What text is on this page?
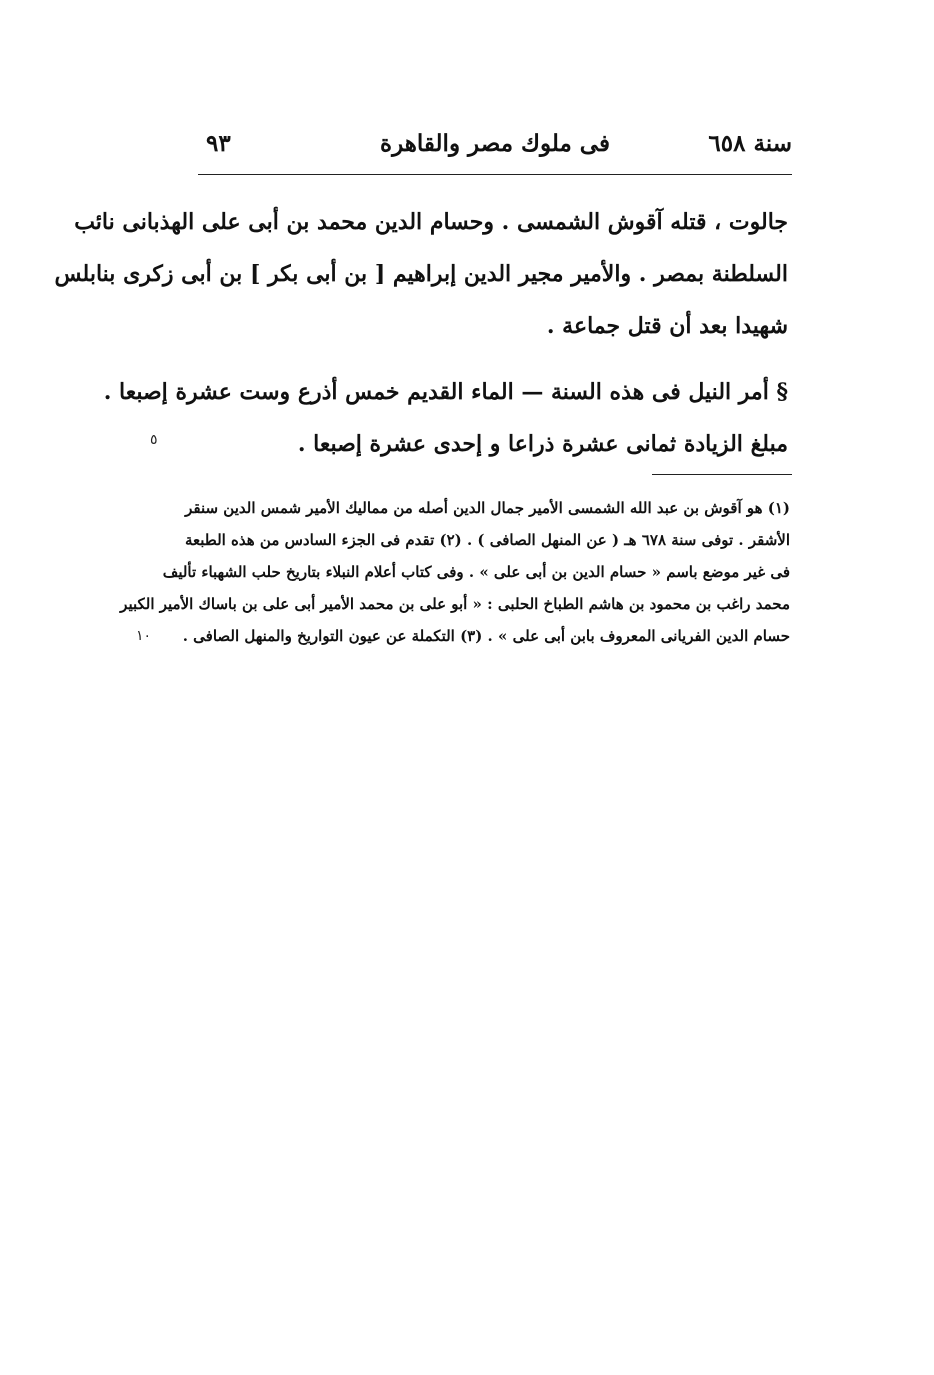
سنة ٦٥٨
فى ملوك مصر والقاهرة
٩٣

جالوت ، قتله آقوش الشمسى . وحسام الدين محمد بن أبى على الهذبانى نائب
السلطنة بمصر . والأمير مجير الدين إبراهيم [ بن أبى بكر ] بن أبى زكرى بنابلس
شهيدا بعد أن قتل جماعة .

§ أمر النيل فى هذه السنة — الماء القديم خمس أذرع وست عشرة إصبعا .
مبلغ الزيادة ثمانى عشرة ذراعا و إحدى عشرة إصبعا .

٥
١٠
(١) هو آقوش بن عبد الله الشمسى الأمير جمال الدين أصله من مماليك الأمير شمس الدين سنقر
الأشقر . توفى سنة ٦٧٨ هـ ( عن المنهل الصافى ) . (٢) تقدم فى الجزء السادس من هذه الطبعة
فى غير موضع باسم « حسام الدين بن أبى على » . وفى كتاب أعلام النبلاء بتاريخ حلب الشهباء تأليف
محمد راغب بن محمود بن هاشم الطباخ الحلبى : « أبو على بن محمد الأمير أبى على بن باساك الأمير الكبير
حسام الدين الفريانى المعروف بابن أبى على » . (٣) التكملة عن عيون التواريخ والمنهل الصافى .
